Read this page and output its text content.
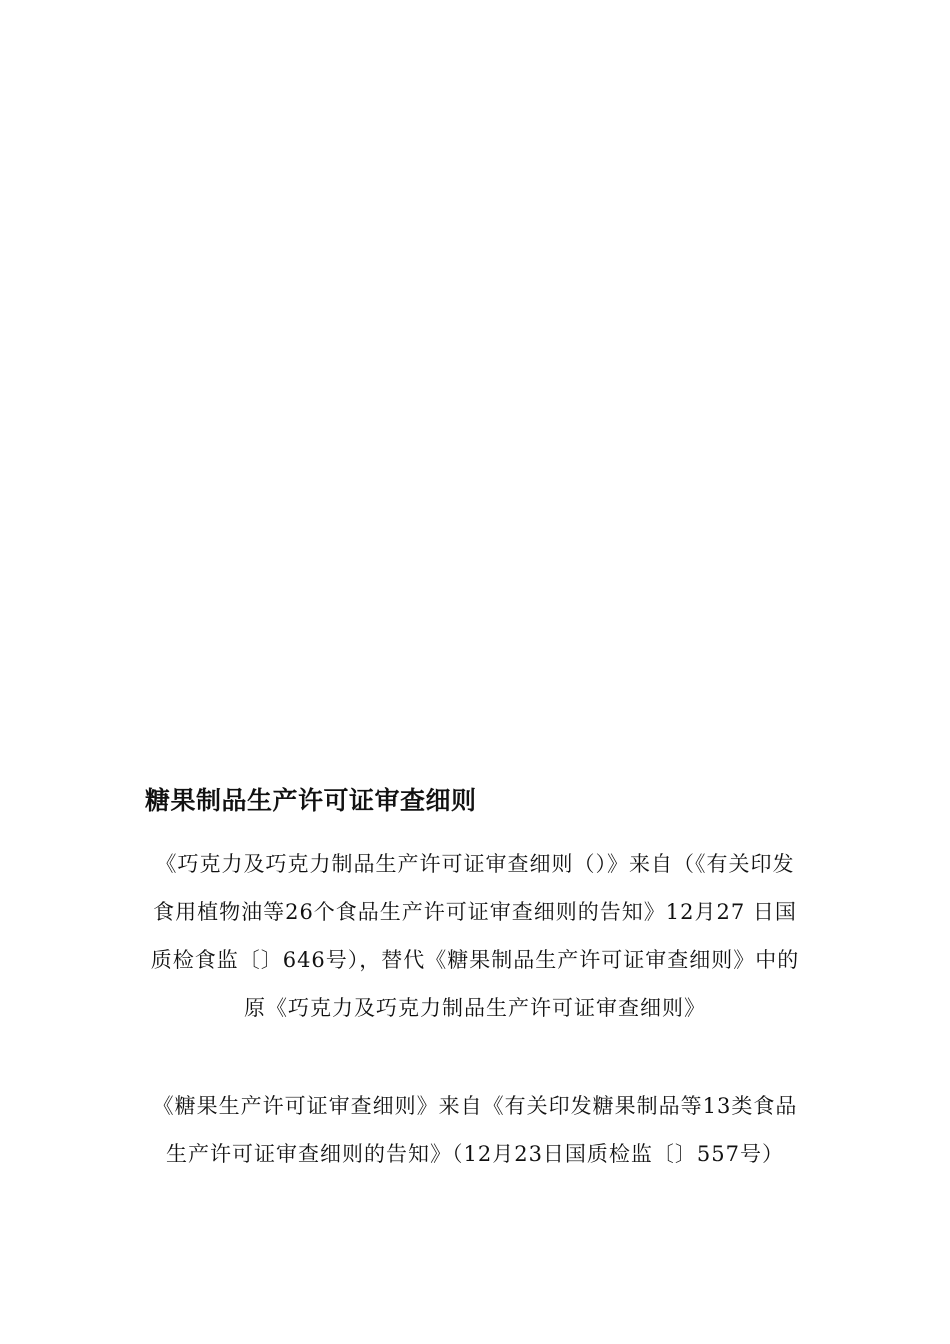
糖果制品生产许可证审查细则
《巧克力及巧克力制品生产许可证审查细则（）》来自（《有关印发食用植物油等26个食品生产许可证审查细则的告知》12月27 日国质检食监〔〕646号），替代《糖果制品生产许可证审查细则》中的原《巧克力及巧克力制品生产许可证审查细则》
《糖果生产许可证审查细则》来自《有关印发糖果制品等13类食品生产许可证审查细则的告知》（12月23日国质检监〔〕557号）
